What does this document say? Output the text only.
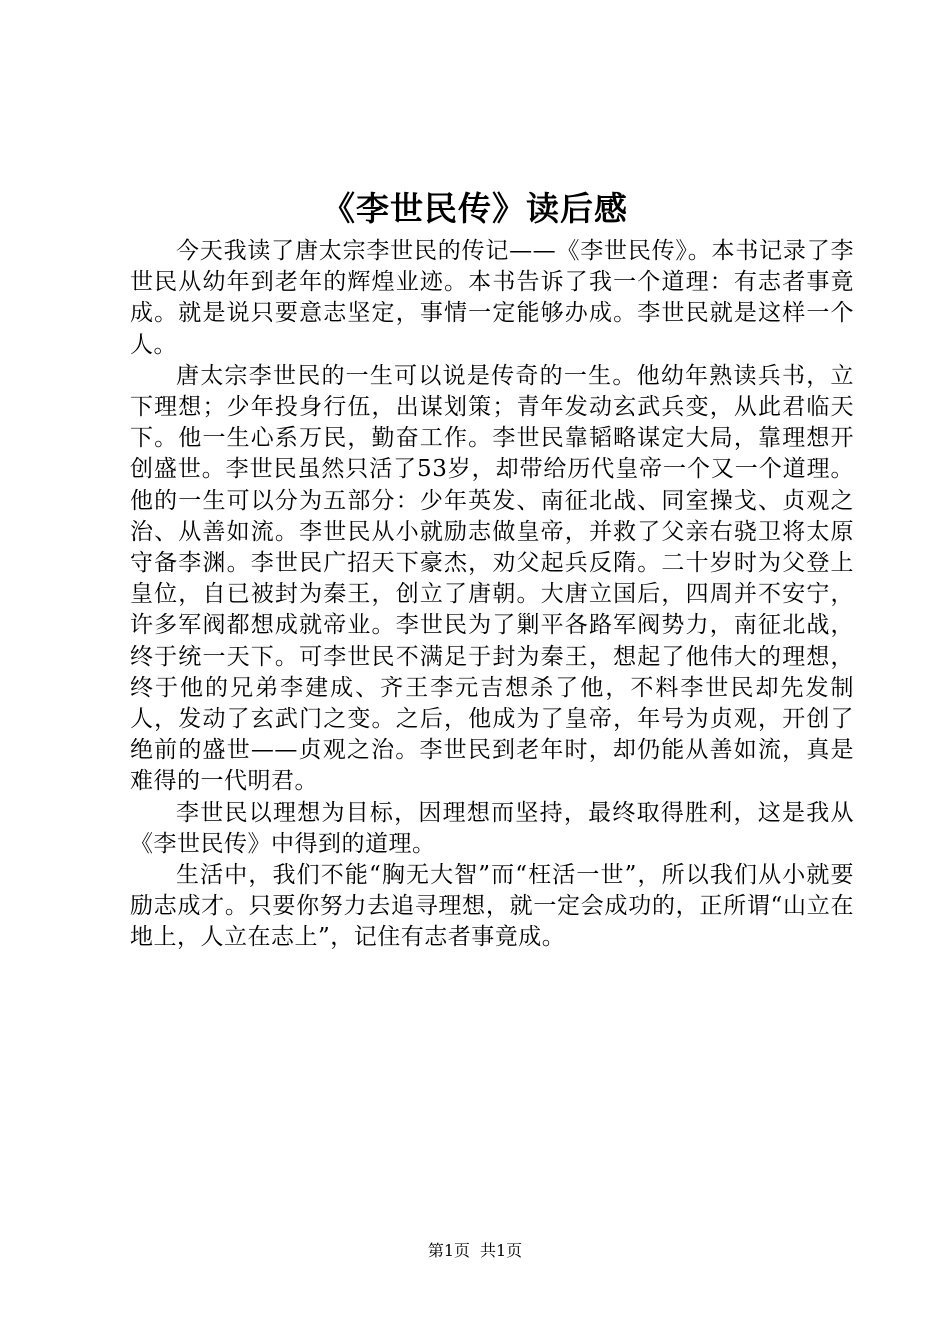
《李世民传》读后感

今天我读了唐太宗李世民的传记——《李世民传》。本书记录了李世民从幼年到老年的辉煌业迹。本书告诉了我一个道理：有志者事竟成。就是说只要意志坚定，事情一定能够办成。李世民就是这样一个人。

唐太宗李世民的一生可以说是传奇的一生。他幼年熟读兵书，立下理想；少年投身行伍，出谋划策；青年发动玄武兵变，从此君临天下。他一生心系万民，勤奋工作。李世民靠韬略谋定大局，靠理想开创盛世。李世民虽然只活了53岁，却带给历代皇帝一个又一个道理。他的一生可以分为五部分：少年英发、南征北战、同室操戈、贞观之治、从善如流。李世民从小就励志做皇帝，并救了父亲右骁卫将太原守备李渊。李世民广招天下豪杰，劝父起兵反隋。二十岁时为父登上皇位，自已被封为秦王，创立了唐朝。大唐立国后，四周并不安宁，许多军阀都想成就帝业。李世民为了剿平各路军阀势力，南征北战，终于统一天下。可李世民不满足于封为秦王，想起了他伟大的理想，终于他的兄弟李建成、齐王李元吉想杀了他，不料李世民却先发制人，发动了玄武门之变。之后，他成为了皇帝，年号为贞观，开创了绝前的盛世——贞观之治。李世民到老年时，却仍能从善如流，真是难得的一代明君。

李世民以理想为目标，因理想而坚持，最终取得胜利，这是我从《李世民传》中得到的道理。

生活中，我们不能“胸无大智”而“枉活一世”，所以我们从小就要励志成才。只要你努力去追寻理想，就一定会成功的，正所谓“山立在地上，人立在志上”，记住有志者事竟成。

第1页 共1页
